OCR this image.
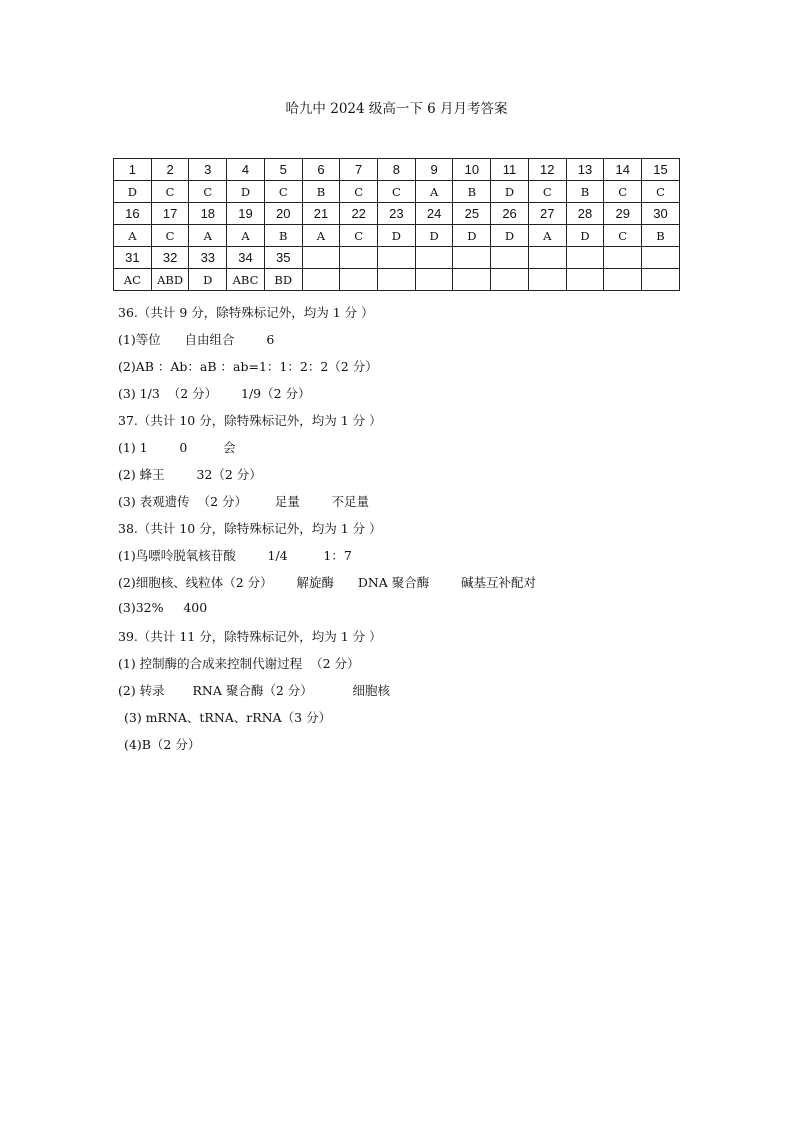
哈九中 2024 级高一下 6 月月考答案
1	2	3	4	5	6	7	8	9	10	11	12	13	14	15
D	C	C	D	C	B	C	C	A	B	D	C	B	C	C
16	17	18	19	20	21	22	23	24	25	26	27	28	29	30
A	C	A	A	B	A	C	D	D	D	D	A	D	C	B
31	32	33	34	35										
AC	ABD	D	ABC	BD										
36.（共计 9 分，除特殊标记外，均为 1 分 ）
(1)等位      自由组合        6
(2)AB ：Ab：aB ：ab=1：1：2：2（2 分）
(3) 1/3  （2 分）      1/9（2 分）
37.（共计 10 分，除特殊标记外，均为 1 分 ）
(1) 1        0         会
(2) 蜂王        32（2 分）
(3) 表观遗传  （2 分）       足量        不足量
38.（共计 10 分，除特殊标记外，均为 1 分 ）
(1)鸟嘌呤脱氧核苷酸        1/4         1：7
(2)细胞核、线粒体（2 分）      解旋酶      DNA 聚合酶        碱基互补配对
(3)32%     400
39.（共计 11 分，除特殊标记外，均为 1 分 ）
(1) 控制酶的合成来控制代谢过程  （2 分）
(2) 转录       RNA 聚合酶（2 分）          细胞核
(3) mRNA、tRNA、rRNA（3 分）
(4)B（2 分）
